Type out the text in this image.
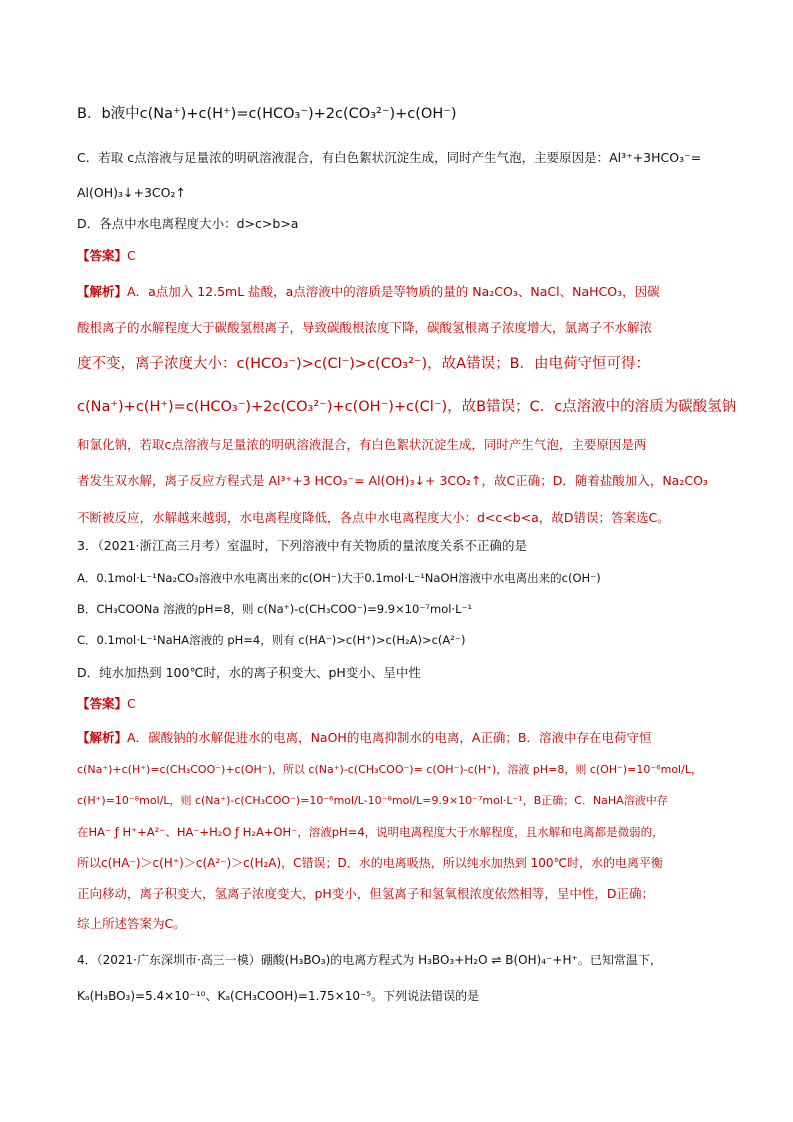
B．b液中c(Na⁺)+c(H⁺)=c(HCO₃⁻)+2c(CO₃²⁻)+c(OH⁻)
C．若取 c点溶液与足量浓的明矾溶液混合，有白色絮状沉淀生成，同时产生气泡，主要原因是：Al³⁺+3HCO₃⁻=
Al(OH)₃↓+3CO₂↑
D．各点中水电离程度大小：d>c>b>a
【答案】C
【解析】A．a点加入 12.5mL 盐酸，a点溶液中的溶质是等物质的量的 Na₂CO₃、NaCl、NaHCO₃，因碳
酸根离子的水解程度大于碳酸氢根离子，导致碳酸根浓度下降，碳酸氢根离子浓度增大，氯离子不水解浓
度不变，离子浓度大小：c(HCO₃⁻)>c(Cl⁻)>c(CO₃²⁻)，故A错误；B．由电荷守恒可得：
c(Na⁺)+c(H⁺)=c(HCO₃⁻)+2c(CO₃²⁻)+c(OH⁻)+c(Cl⁻)，故B错误；C．c点溶液中的溶质为碳酸氢钠
和氯化钠，若取c点溶液与足量浓的明矾溶液混合，有白色絮状沉淀生成，同时产生气泡，主要原因是两
者发生双水解，离子反应方程式是 Al³⁺+3 HCO₃⁻= Al(OH)₃↓+ 3CO₂↑，故C正确；D．随着盐酸加入，Na₂CO₃
不断被反应，水解越来越弱，水电离程度降低，各点中水电离程度大小：d<c<b<a，故D错误；答案选C。
3．（2021·浙江高三月考）室温时，下列溶液中有关物质的量浓度关系不正确的是
A．0.1mol·L⁻¹Na₂CO₃溶液中水电离出来的c(OH⁻)大于0.1mol·L⁻¹NaOH溶液中水电离出来的c(OH⁻)
B．CH₃COONa 溶液的pH=8，则 c(Na⁺)-c(CH₃COO⁻)=9.9×10⁻⁷mol·L⁻¹
C．0.1mol·L⁻¹NaHA溶液的 pH=4，则有 c(HA⁻)>c(H⁺)>c(H₂A)>c(A²⁻)
D．纯水加热到 100℃时，水的离子积变大、pH变小、呈中性
【答案】C
【解析】A．碳酸钠的水解促进水的电离，NaOH的电离抑制水的电离，A正确；B．溶液中存在电荷守恒
c(Na⁺)+c(H⁺)=c(CH₃COO⁻)+c(OH⁻)，所以 c(Na⁺)-c(CH₃COO⁻)= c(OH⁻)-c(H⁺)，溶液 pH=8，则 c(OH⁻)=10⁻⁶mol/L，
c(H⁺)=10⁻⁸mol/L，则 c(Na⁺)-c(CH₃COO⁻)=10⁻⁶mol/L-10⁻⁸mol/L=9.9×10⁻⁷mol·L⁻¹，B正确；C．NaHA溶液中存
在HA⁻ ƒ H⁺+A²⁻、HA⁻+H₂O ƒ H₂A+OH⁻，溶液pH=4，说明电离程度大于水解程度，且水解和电离都是微弱的，
所以c(HA⁻)＞c(H⁺)＞c(A²⁻)＞c(H₂A)，C错误；D．水的电离吸热，所以纯水加热到 100℃时，水的电离平衡
正向移动，离子积变大，氢离子浓度变大，pH变小，但氢离子和氢氧根浓度依然相等，呈中性，D正确；
综上所述答案为C。
4．（2021·广东深圳市·高三一模）硼酸(H₃BO₃)的电离方程式为 H₃BO₃+H₂O ⇌ B(OH)₄⁻+H⁺。已知常温下，
Kₐ(H₃BO₃)=5.4×10⁻¹⁰、Kₐ(CH₃COOH)=1.75×10⁻⁵。下列说法错误的是
